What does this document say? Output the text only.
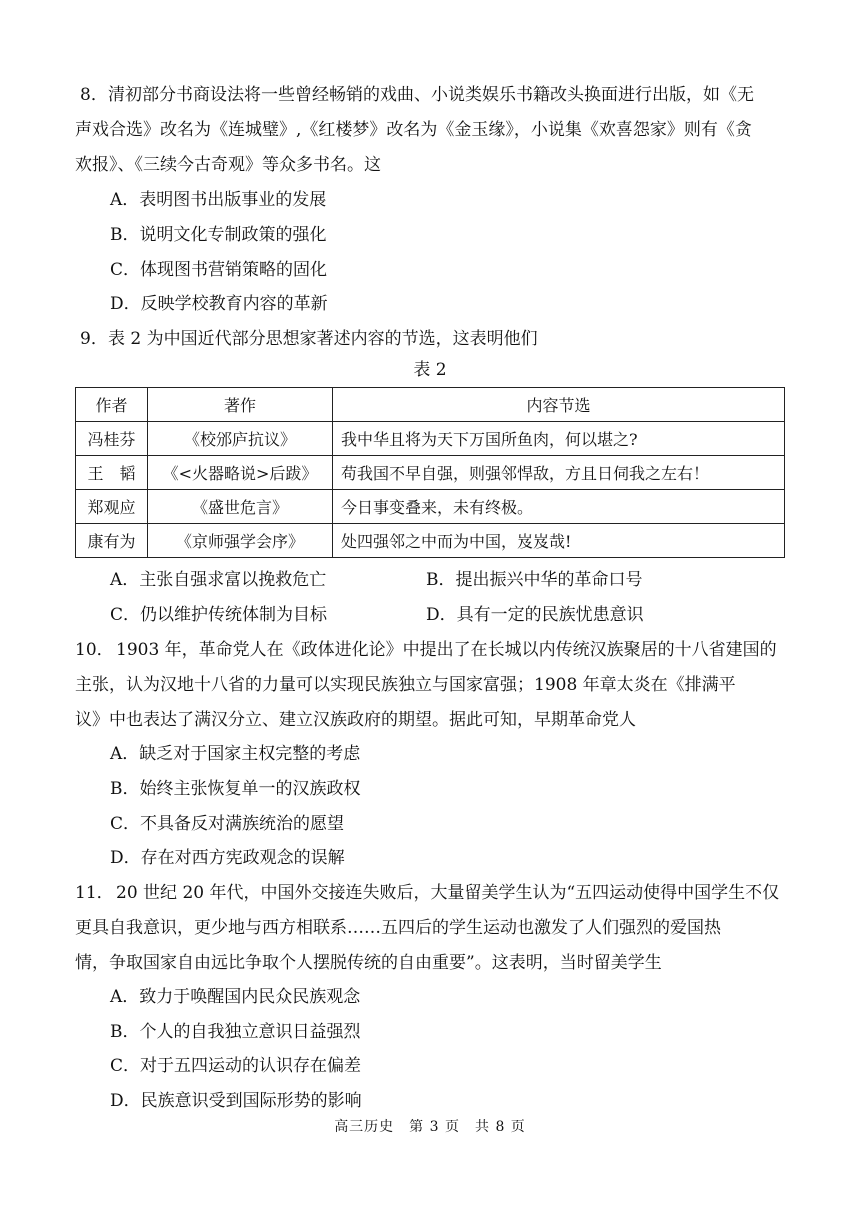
8． 清初部分书商设法将一些曾经畅销的戏曲、小说类娱乐书籍改头换面进行出版，如《无
声戏合选》改名为《连城璧》,《红楼梦》改名为《金玉缘》，小说集《欢喜怨家》则有《贪
欢报》、《三续今古奇观》等众多书名。这
A．表明图书出版事业的发展
B．说明文化专制政策的强化
C．体现图书营销策略的固化
D．反映学校教育内容的革新
9． 表 2 为中国近代部分思想家著述内容的节选，这表明他们
表 2
作者	著作	内容节选
冯桂芬	《校邠庐抗议》	我中华且将为天下万国所鱼肉，何以堪之?
王　韬	《<火器略说>后跋》	苟我国不早自强，则强邻悍敌，方且日伺我之左右！
郑观应	《盛世危言》	今日事变叠来，未有终极。
康有为	《京师强学会序》	处四强邻之中而为中国，岌岌哉!
A．主张自强求富以挽救危亡	B．提出振兴中华的革命口号
C．仍以维护传统体制为目标	D．具有一定的民族忧患意识
10． 1903 年，革命党人在《政体进化论》中提出了在长城以内传统汉族聚居的十八省建国的
主张，认为汉地十八省的力量可以实现民族独立与国家富强；1908 年章太炎在《排满平
议》中也表达了满汉分立、建立汉族政府的期望。据此可知，早期革命党人
A．缺乏对于国家主权完整的考虑
B．始终主张恢复单一的汉族政权
C．不具备反对满族统治的愿望
D．存在对西方宪政观念的误解
11． 20 世纪 20 年代，中国外交接连失败后，大量留美学生认为“五四运动使得中国学生不仅
更具自我意识，更少地与西方相联系……五四后的学生运动也激发了人们强烈的爱国热
情，争取国家自由远比争取个人摆脱传统的自由重要”。这表明，当时留美学生
A．致力于唤醒国内民众民族观念
B．个人的自我独立意识日益强烈
C．对于五四运动的认识存在偏差
D．民族意识受到国际形势的影响
高三历史　第 3 页　共 8 页
